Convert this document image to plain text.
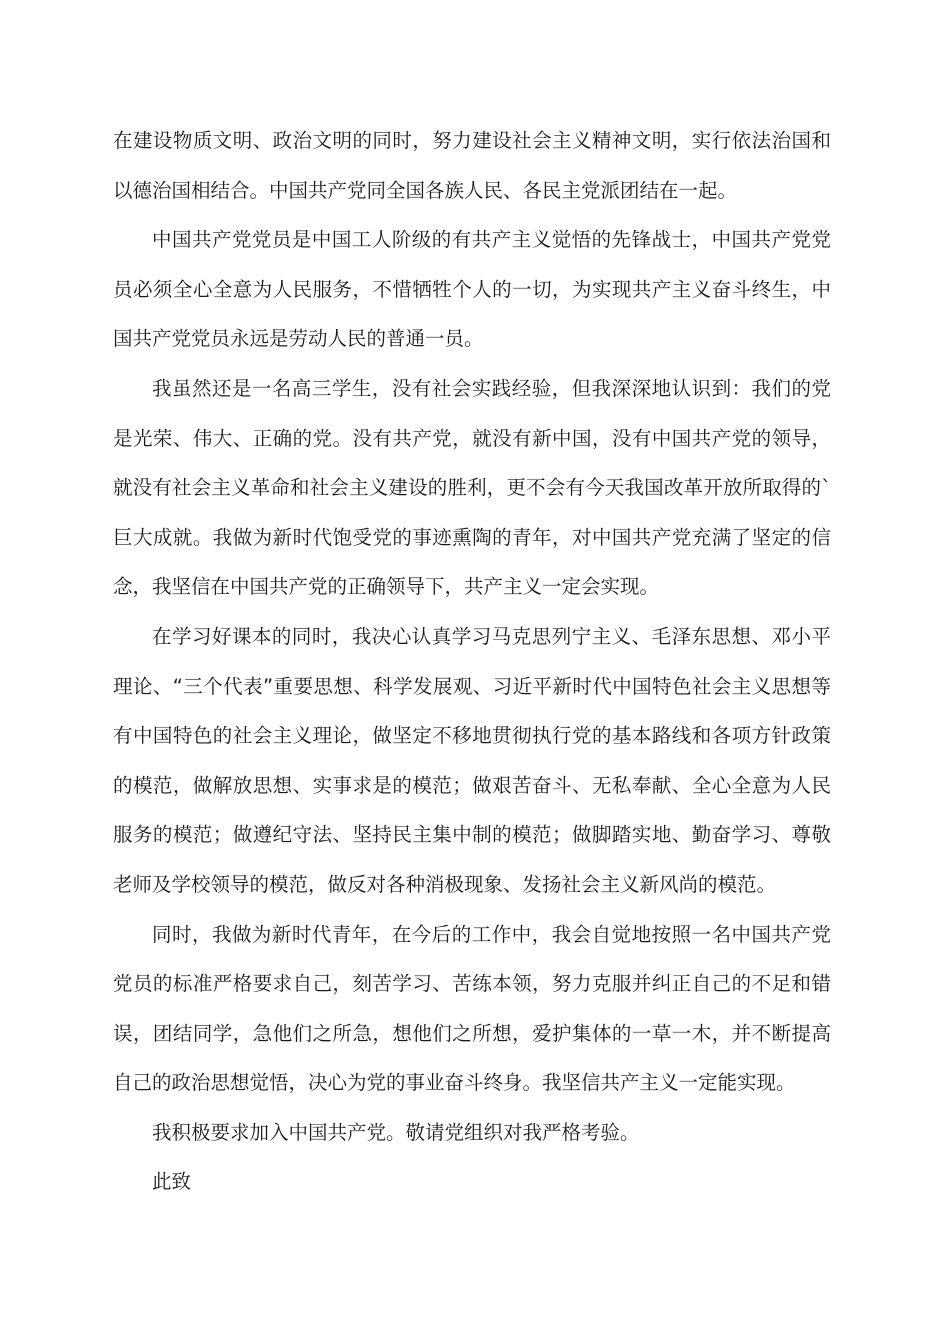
在建设物质文明、政治文明的同时，努力建设社会主义精神文明，实行依法治国和以德治国相结合。中国共产党同全国各族人民、各民主党派团结在一起。

中国共产党党员是中国工人阶级的有共产主义觉悟的先锋战士，中国共产党党员必须全心全意为人民服务，不惜牺牲个人的一切，为实现共产主义奋斗终生，中国共产党党员永远是劳动人民的普通一员。

我虽然还是一名高三学生，没有社会实践经验，但我深深地认识到：我们的党是光荣、伟大、正确的党。没有共产党，就没有新中国，没有中国共产党的领导，就没有社会主义革命和社会主义建设的胜利，更不会有今天我国改革开放所取得的`巨大成就。我做为新时代饱受党的事迹熏陶的青年，对中国共产党充满了坚定的信念，我坚信在中国共产党的正确领导下，共产主义一定会实现。

在学习好课本的同时，我决心认真学习马克思列宁主义、毛泽东思想、邓小平理论、“三个代表”重要思想、科学发展观、习近平新时代中国特色社会主义思想等有中国特色的社会主义理论，做坚定不移地贯彻执行党的基本路线和各项方针政策的模范，做解放思想、实事求是的模范；做艰苦奋斗、无私奉献、全心全意为人民服务的模范；做遵纪守法、坚持民主集中制的模范；做脚踏实地、勤奋学习、尊敬老师及学校领导的模范，做反对各种消极现象、发扬社会主义新风尚的模范。

同时，我做为新时代青年，在今后的工作中，我会自觉地按照一名中国共产党党员的标准严格要求自己，刻苦学习、苦练本领，努力克服并纠正自己的不足和错误，团结同学，急他们之所急，想他们之所想，爱护集体的一草一木，并不断提高自己的政治思想觉悟，决心为党的事业奋斗终身。我坚信共产主义一定能实现。

我积极要求加入中国共产党。敬请党组织对我严格考验。

此致
